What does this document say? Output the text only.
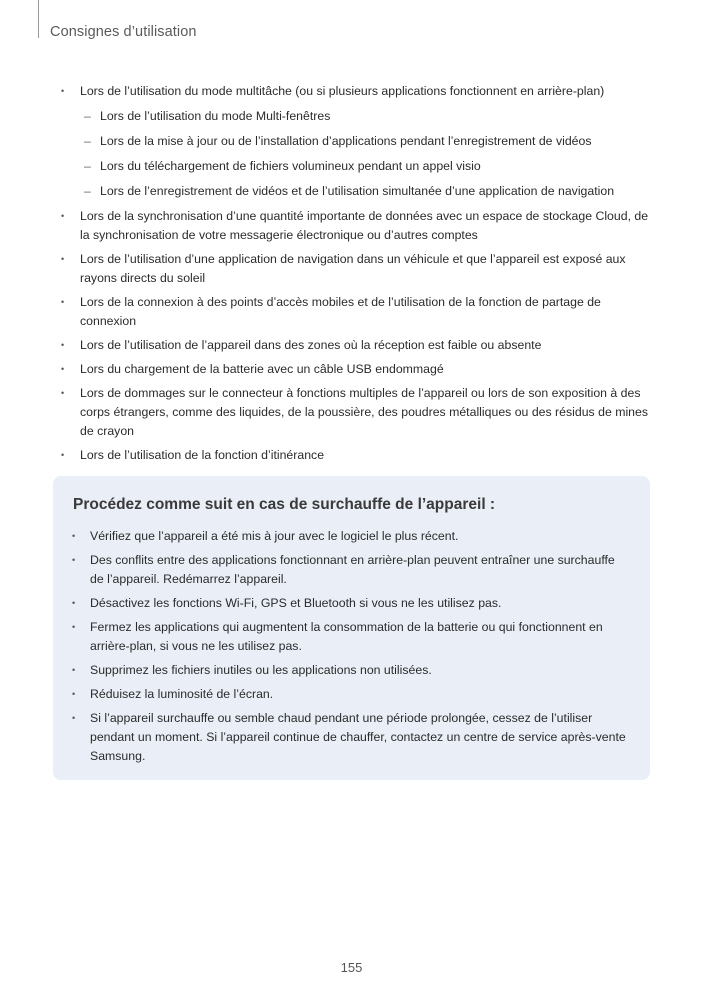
Consignes d’utilisation
• Lors de l’utilisation du mode multitâche (ou si plusieurs applications fonctionnent en arrière-plan)
– Lors de l’utilisation du mode Multi-fenêtres
– Lors de la mise à jour ou de l’installation d’applications pendant l’enregistrement de vidéos
– Lors du téléchargement de fichiers volumineux pendant un appel visio
– Lors de l’enregistrement de vidéos et de l’utilisation simultanée d’une application de navigation
• Lors de la synchronisation d’une quantité importante de données avec un espace de stockage Cloud, de la synchronisation de votre messagerie électronique ou d’autres comptes
• Lors de l’utilisation d’une application de navigation dans un véhicule et que l’appareil est exposé aux rayons directs du soleil
• Lors de la connexion à des points d’accès mobiles et de l’utilisation de la fonction de partage de connexion
• Lors de l’utilisation de l’appareil dans des zones où la réception est faible ou absente
• Lors du chargement de la batterie avec un câble USB endommagé
• Lors de dommages sur le connecteur à fonctions multiples de l’appareil ou lors de son exposition à des corps étrangers, comme des liquides, de la poussière, des poudres métalliques ou des résidus de mines de crayon
• Lors de l’utilisation de la fonction d’itinérance
Procédez comme suit en cas de surchauffe de l’appareil :
• Vérifiez que l’appareil a été mis à jour avec le logiciel le plus récent.
• Des conflits entre des applications fonctionnant en arrière-plan peuvent entraîner une surchauffe de l’appareil. Redémarrez l’appareil.
• Désactivez les fonctions Wi-Fi, GPS et Bluetooth si vous ne les utilisez pas.
• Fermez les applications qui augmentent la consommation de la batterie ou qui fonctionnent en arrière-plan, si vous ne les utilisez pas.
• Supprimez les fichiers inutiles ou les applications non utilisées.
• Réduisez la luminosité de l’écran.
• Si l’appareil surchauffe ou semble chaud pendant une période prolongée, cessez de l’utiliser pendant un moment. Si l’appareil continue de chauffer, contactez un centre de service après-vente Samsung.
155
